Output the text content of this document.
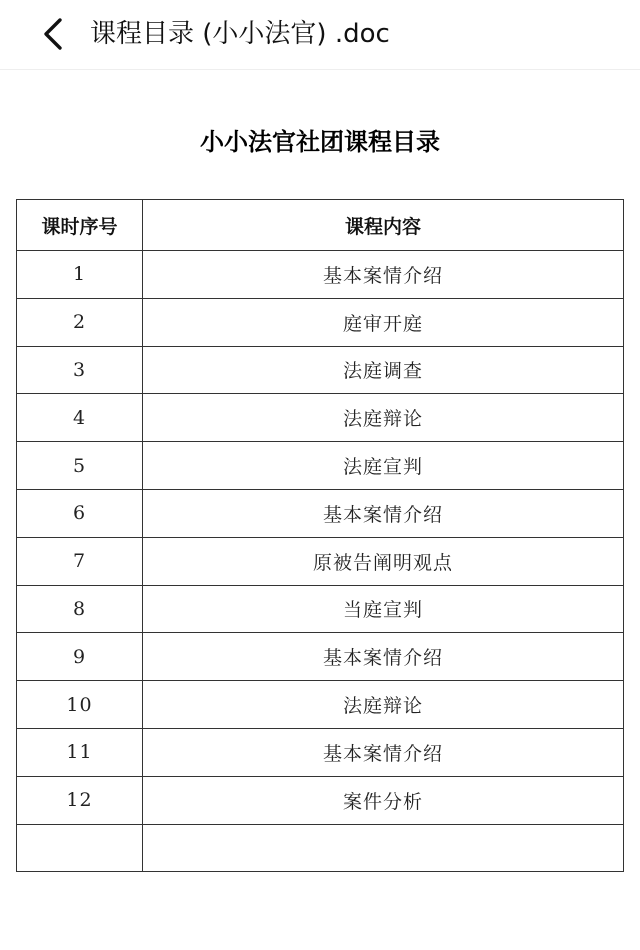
课程目录 (小小法官) .doc
小小法官社团课程目录
课时序号	课程内容
1	基本案情介绍
2	庭审开庭
3	法庭调查
4	法庭辩论
5	法庭宣判
6	基本案情介绍
7	原被告阐明观点
8	当庭宣判
9	基本案情介绍
10	法庭辩论
11	基本案情介绍
12	案件分析
